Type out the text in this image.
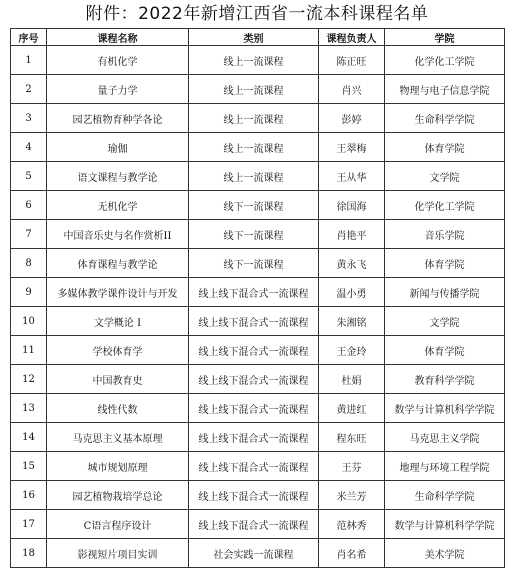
附件：2022年新增江西省一流本科课程名单
序号	课程名称	类别	课程负责人	学院
1	有机化学	线上一流课程	陈正旺	化学化工学院
2	量子力学	线上一流课程	肖兴	物理与电子信息学院
3	园艺植物育种学各论	线上一流课程	彭婷	生命科学学院
4	瑜伽	线上一流课程	王翠梅	体育学院
5	语文课程与教学论	线上一流课程	王从华	文学院
6	无机化学	线下一流课程	徐国海	化学化工学院
7	中国音乐史与名作赏析II	线下一流课程	肖艳平	音乐学院
8	体育课程与教学论	线下一流课程	黄永飞	体育学院
9	多媒体教学课件设计与开发	线上线下混合式一流课程	温小勇	新闻与传播学院
10	文学概论 I	线上线下混合式一流课程	朱湘铭	文学院
11	学校体育学	线上线下混合式一流课程	王金玲	体育学院
12	中国教育史	线上线下混合式一流课程	杜娟	教育科学学院
13	线性代数	线上线下混合式一流课程	黄进红	数学与计算机科学学院
14	马克思主义基本原理	线上线下混合式一流课程	程东旺	马克思主义学院
15	城市规划原理	线上线下混合式一流课程	王芬	地理与环境工程学院
16	园艺植物栽培学总论	线上线下混合式一流课程	米兰芳	生命科学学院
17	C语言程序设计	线上线下混合式一流课程	范林秀	数学与计算机科学学院
18	影视短片项目实训	社会实践一流课程	肖名希	美术学院
